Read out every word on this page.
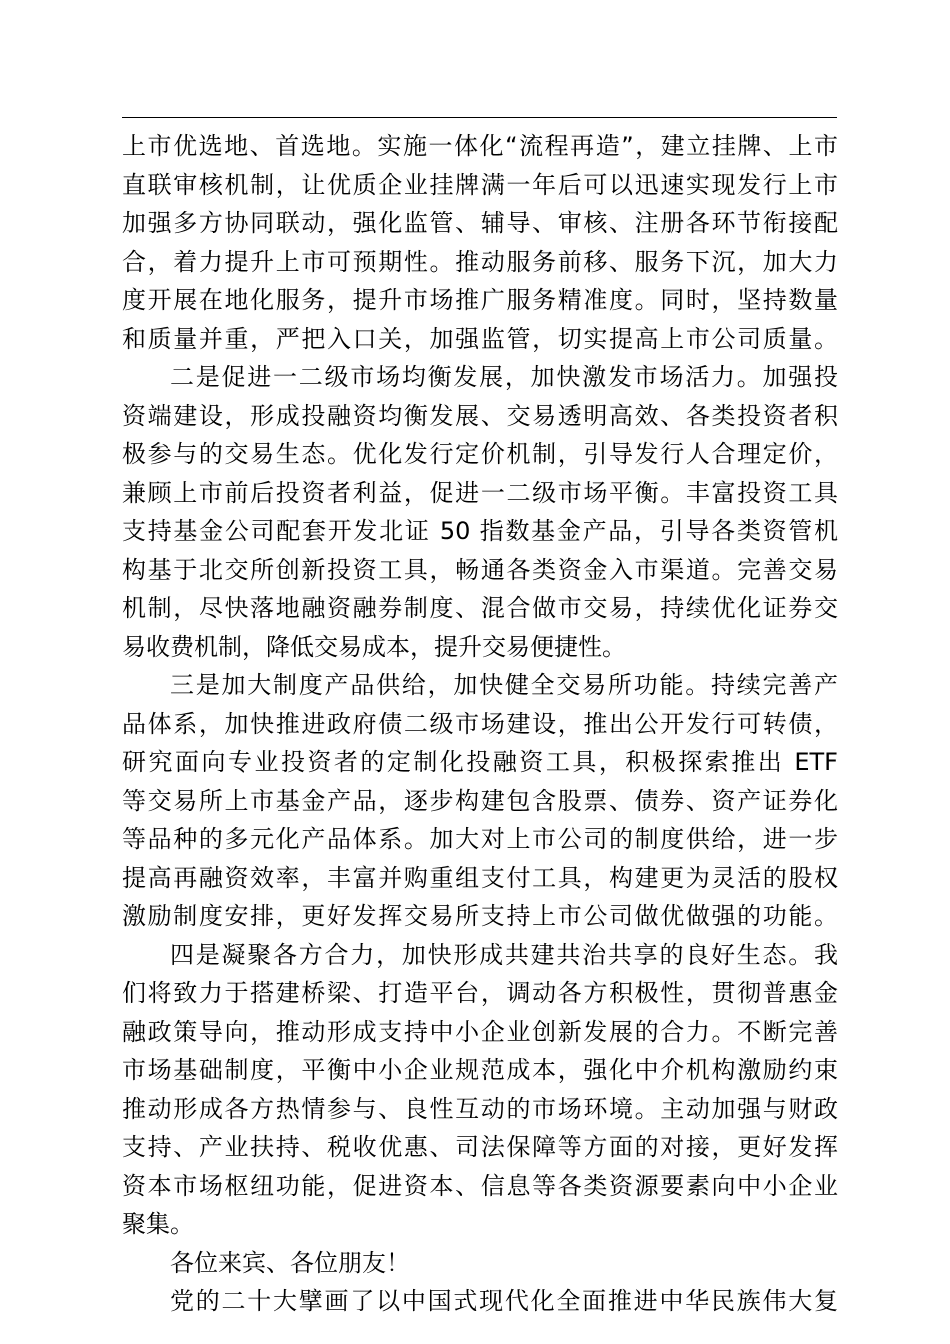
上市优选地、首选地。实施一体化“流程再造”，建立挂牌、上市
直联审核机制，让优质企业挂牌满一年后可以迅速实现发行上市
加强多方协同联动，强化监管、辅导、审核、注册各环节衔接配
合，着力提升上市可预期性。推动服务前移、服务下沉，加大力
度开展在地化服务，提升市场推广服务精准度。同时，坚持数量
和质量并重，严把入口关，加强监管，切实提高上市公司质量。
二是促进一二级市场均衡发展，加快激发市场活力。加强投
资端建设，形成投融资均衡发展、交易透明高效、各类投资者积
极参与的交易生态。优化发行定价机制，引导发行人合理定价，
兼顾上市前后投资者利益，促进一二级市场平衡。丰富投资工具
支持基金公司配套开发北证 50 指数基金产品，引导各类资管机
构基于北交所创新投资工具，畅通各类资金入市渠道。完善交易
机制，尽快落地融资融券制度、混合做市交易，持续优化证券交
易收费机制，降低交易成本，提升交易便捷性。
三是加大制度产品供给，加快健全交易所功能。持续完善产
品体系，加快推进政府债二级市场建设，推出公开发行可转债，
研究面向专业投资者的定制化投融资工具，积极探索推出 ETF
等交易所上市基金产品，逐步构建包含股票、债券、资产证券化
等品种的多元化产品体系。加大对上市公司的制度供给，进一步
提高再融资效率，丰富并购重组支付工具，构建更为灵活的股权
激励制度安排，更好发挥交易所支持上市公司做优做强的功能。
四是凝聚各方合力，加快形成共建共治共享的良好生态。我
们将致力于搭建桥梁、打造平台，调动各方积极性，贯彻普惠金
融政策导向，推动形成支持中小企业创新发展的合力。不断完善
市场基础制度，平衡中小企业规范成本，强化中介机构激励约束
推动形成各方热情参与、良性互动的市场环境。主动加强与财政
支持、产业扶持、税收优惠、司法保障等方面的对接，更好发挥
资本市场枢纽功能，促进资本、信息等各类资源要素向中小企业
聚集。
各位来宾、各位朋友！
党的二十大擘画了以中国式现代化全面推进中华民族伟大复
